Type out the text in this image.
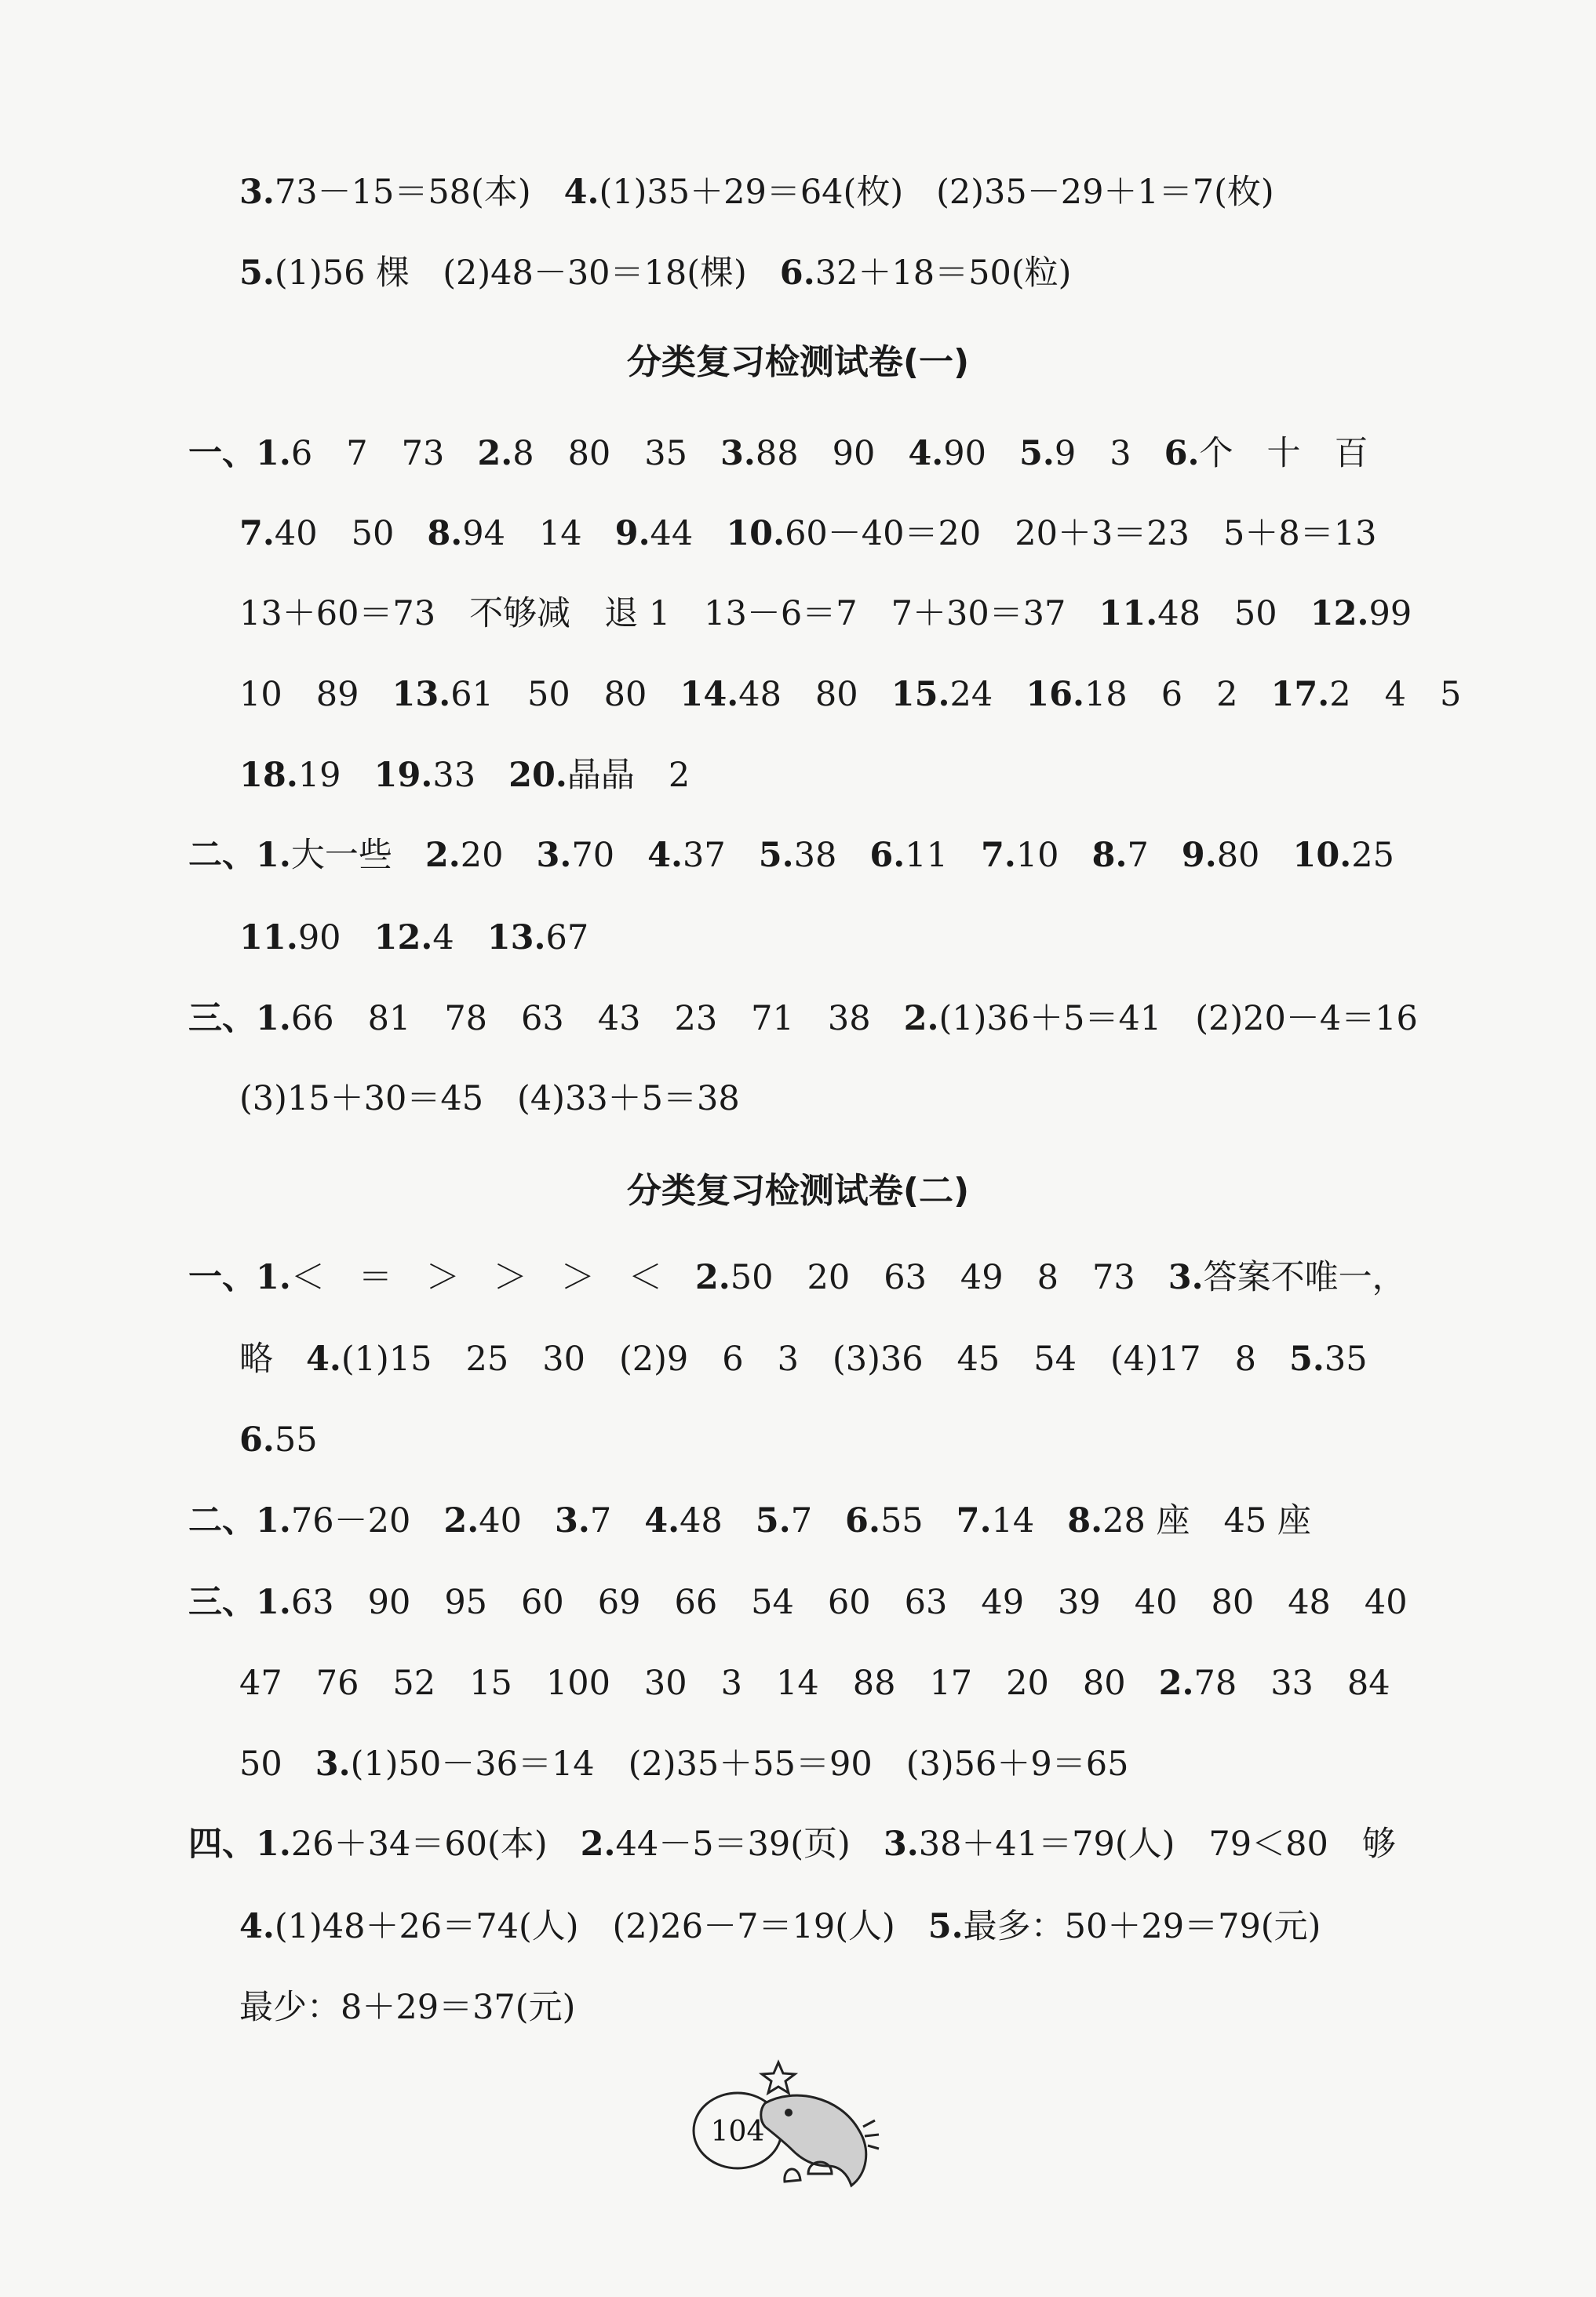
3.73－15＝58(本) 4.(1)35＋29＝64(枚) (2)35－29＋1＝7(枚)
5.(1)56 棵 (2)48－30＝18(棵) 6.32＋18＝50(粒)
分类复习检测试卷(一)
一、1.6　7　73 2.8　80　35 3.88　90 4.90 5.9　3 6.个　十　百
7.40　50 8.94　14 9.44 10.60－40＝20　20＋3＝23　5＋8＝13
13＋60＝73　不够减　退 1　13－6＝7　7＋30＝37 11.48　50 12.99
10　89 13.61　50　80 14.48　80 15.24 16.18　6　2 17.2　4　5
18.19 19.33 20.晶晶　2
二、1.大一些 2.20 3.70 4.37 5.38 6.11 7.10 8.7 9.80 10.25
11.90 12.4 13.67
三、1.66　81　78　63　43　23　71　38 2.(1)36＋5＝41　(2)20－4＝16
(3)15＋30＝45　(4)33＋5＝38
分类复习检测试卷(二)
一、1.＜　＝　＞　＞　＞　＜ 2.50　20　63　49　8　73 3.答案不唯一，
略 4.(1)15　25　30　(2)9　6　3　(3)36　45　54　(4)17　8 5.35
6.55
二、1.76－20 2.40 3.7 4.48 5.7 6.55 7.14 8.28 座　45 座
三、1.63　90　95　60　69　66　54　60　63　49　39　40　80　48　40
47　76　52　15　100　30　3　14　88　17　20　80 2.78　33　84
50 3.(1)50－36＝14　(2)35＋55＝90　(3)56＋9＝65
四、1.26＋34＝60(本) 2.44－5＝39(页) 3.38＋41＝79(人)　79＜80　够
4.(1)48＋26＝74(人)　(2)26－7＝19(人) 5.最多：50＋29＝79(元)
最少：8＋29＝37(元)
104
